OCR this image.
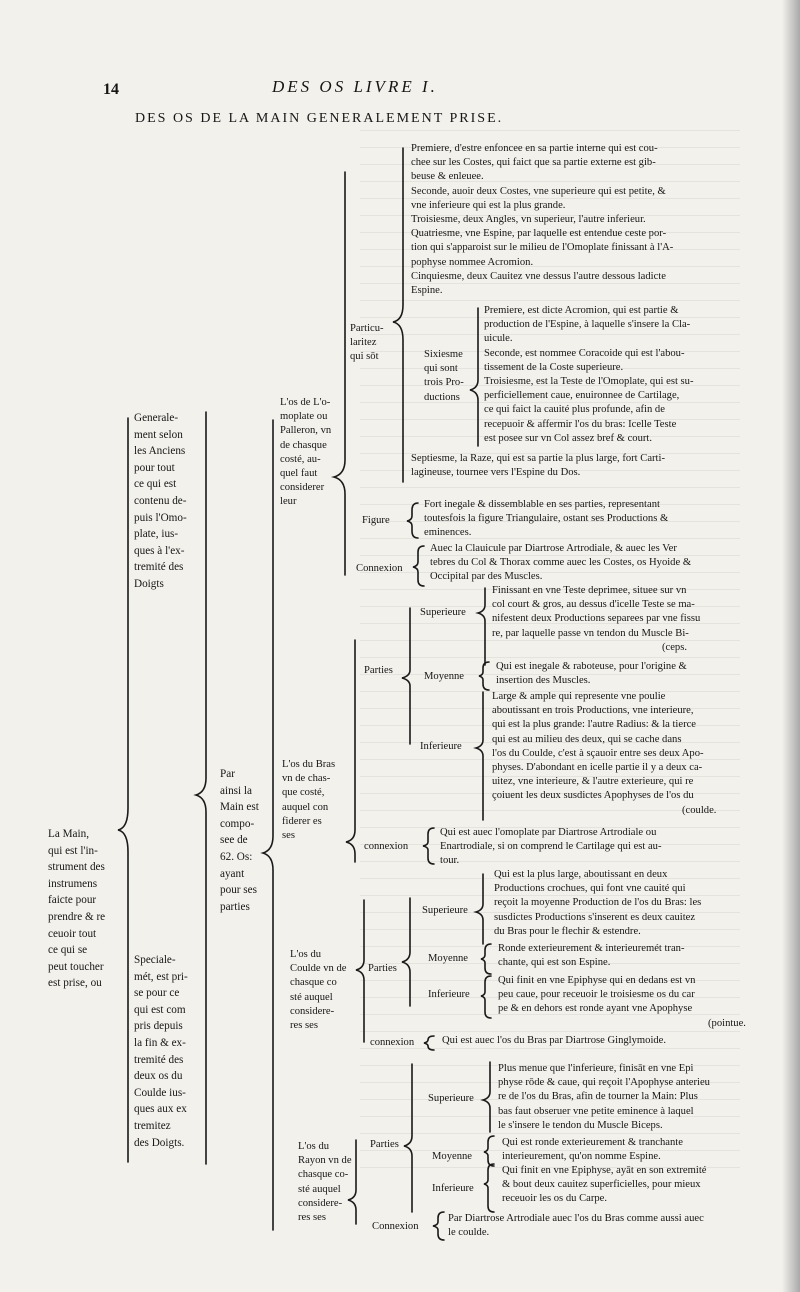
14	DES OS LIVRE I.
DES OS DE LA MAIN GENERALEMENT PRISE.
La Main,
qui est l'in-
strument des
instrumens
faicte pour
prendre & re
ceuoir tout
ce qui se
peut toucher
est prise, ou
Generale-
ment selon
les Anciens
pour tout
ce qui est
contenu de-
puis l'Omo-
plate, ius-
ques à l'ex-
tremité des
Doigts
Speciale-
mét, est pri-
se pour ce
qui est com
pris depuis
la fin & ex-
tremité des
deux os du
Coulde ius-
ques aux ex
tremitez
des Doigts.
Par
ainsi la
Main est
compo-
see de
62. Os:
ayant
pour ses
parties
L'os de L'o-
moplate ou
Palleron, vn
de chasque
costé, au-
quel faut
considerer
leur
Particu-
laritez
qui sōt
Premiere, d'estre enfoncee en sa partie interne qui est cou-
chee sur les Costes, qui faict que sa partie externe est gib-
beuse & enleuee.
Seconde, auoir deux Costes, vne superieure qui est petite, &
vne inferieure qui est la plus grande.
Troisiesme, deux Angles, vn superieur, l'autre inferieur.
Quatriesme, vne Espine, par laquelle est entendue ceste por-
tion qui s'apparoist sur le milieu de l'Omoplate finissant à l'A-
pophyse nommee Acromion.
Cinquiesme, deux Cauitez vne dessus l'autre dessous ladicte
Espine.
Sixiesme
qui sont
trois Pro-
ductions
Premiere, est dicte Acromion, qui est partie &
production de l'Espine, à laquelle s'insere la Cla-
uicule.
Seconde, est nommee Coracoide qui est l'abou-
tissement de la Coste superieure.
Troisiesme, est la Teste de l'Omoplate, qui est su-
perficiellement caue, enuironnee de Cartilage,
ce qui faict la cauité plus profunde, afin de
recepuoir & affermir l'os du bras: Icelle Teste
est posee sur vn Col assez bref & court.
Septiesme, la Raze, qui est sa partie la plus large, fort Carti-
lagineuse, tournee vers l'Espine du Dos.
Figure
Fort inegale & dissemblable en ses parties, representant
toutesfois la figure Triangulaire, ostant ses Productions &
eminences.
Connexion
Auec la Clauicule par Diartrose Artrodiale, & auec les Ver
tebres du Col & Thorax comme auec les Costes, os Hyoide &
Occipital par des Muscles.
L'os du Bras
vn de chas-
que costé,
auquel con
fiderer es
ses
Parties
Superieure
Finissant en vne Teste deprimee, situee sur vn
col court & gros, au dessus d'icelle Teste se ma-
nifestent deux Productions separees par vne fissu
re, par laquelle passe vn tendon du Muscle Bi-
(ceps.
Moyenne
Qui est inegale & raboteuse, pour l'origine &
insertion des Muscles.
Inferieure
Large & ample qui represente vne poulie
aboutissant en trois Productions, vne interieure,
qui est la plus grande: l'autre Radius: & la tierce
qui est au milieu des deux, qui se cache dans
l'os du Coulde, c'est à sçauoir entre ses deux Apo-
physes. D'abondant en icelle partie il y a deux ca-
uitez, vne interieure, & l'autre exterieure, qui re
çoiuent les deux susdictes Apophyses de l'os du
(coulde.
connexion
Qui est auec l'omoplate par Diartrose Artrodiale ou
Enartrodiale, si on comprend le Cartilage qui est au-
tour.
L'os du
Coulde vn de
chasque co
sté auquel
considere-
res ses
Parties
Superieure
Qui est la plus large, aboutissant en deux
Productions crochues, qui font vne cauité qui
reçoit la moyenne Production de l'os du Bras: les
susdictes Productions s'inserent es deux cauitez
du Bras pour le flechir & estendre.
Moyenne
Ronde exterieurement & interieuremét tran-
chante, qui est son Espine.
Inferieure
Qui finit en vne Epiphyse qui en dedans est vn
peu caue, pour receuoir le troisiesme os du car
pe & en dehors est ronde ayant vne Apophyse
(pointue.
connexion	Qui est auec l'os du Bras par Diartrose Ginglymoide.
L'os du
Rayon vn de
chasque co-
sté auquel
considere-
res ses
Parties
Superieure
Plus menue que l'inferieure, finisāt en vne Epi
physe rōde & caue, qui reçoit l'Apophyse anterieu
re de l'os du Bras, afin de tourner la Main: Plus
bas faut obseruer vne petite eminence à laquel
le s'insere le tendon du Muscle Biceps.
Moyenne
Qui est ronde exterieurement & tranchante
interieurement, qu'on nomme Espine.
Inferieure
Qui finit en vne Epiphyse, ayāt en son extremité
& bout deux cauitez superficielles, pour mieux
receuoir les os du Carpe.
Connexion
Par Diartrose Artrodiale auec l'os du Bras comme aussi auec
le coulde.
